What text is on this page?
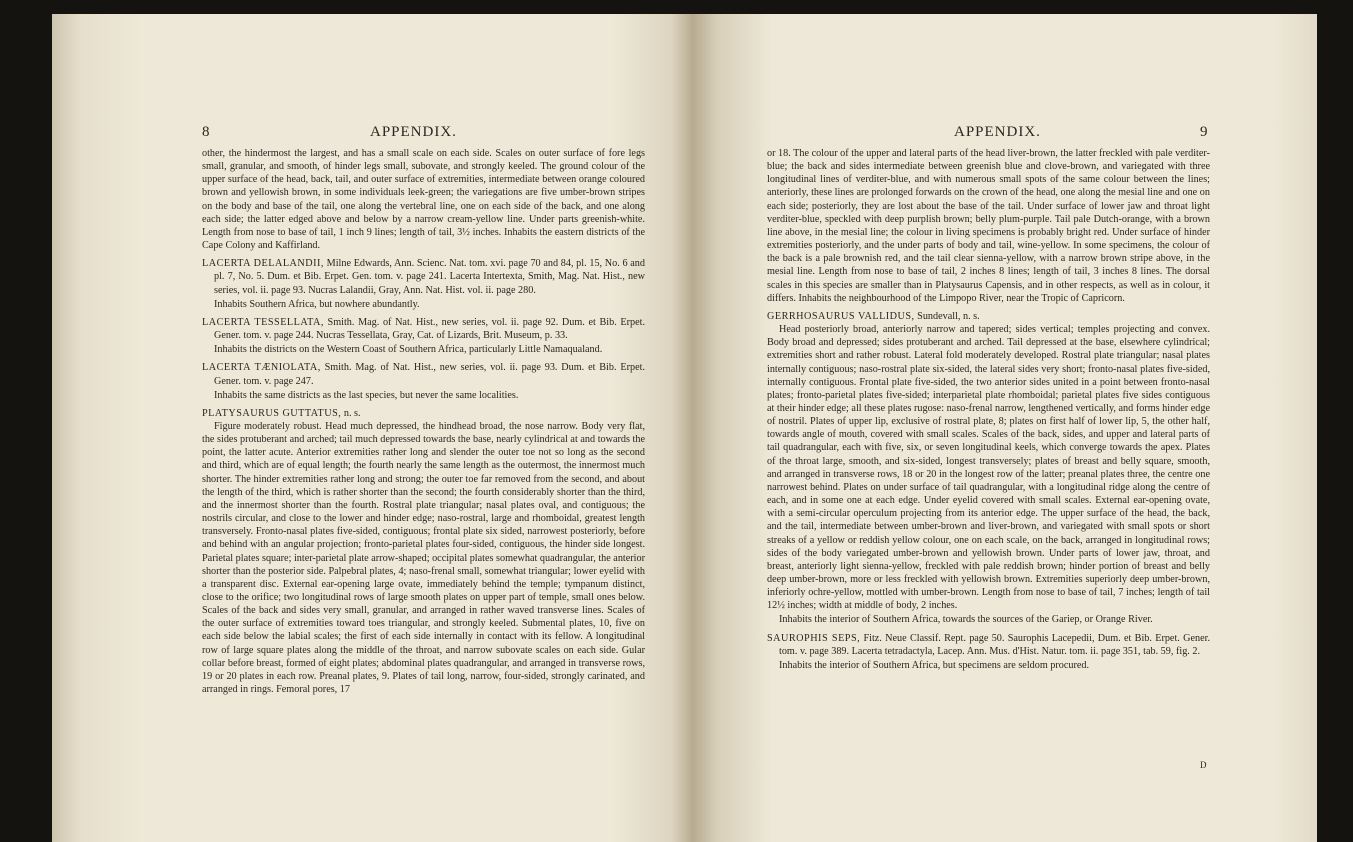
8	APPENDIX.

other, the hindermost the largest, and has a small scale on each side. Scales on outer surface of fore legs small, granular, and smooth, of hinder legs small, subovate, and strongly keeled. The ground colour of the upper surface of the head, back, tail, and outer surface of extremities, intermediate between orange coloured brown and yellowish brown, in some individuals leek-green; the variegations are five umber-brown stripes on the body and base of the tail, one along the vertebral line, one on each side of the back, and one along each side; the latter edged above and below by a narrow cream-yellow line. Under parts greenish-white. Length from nose to base of tail, 1 inch 9 lines; length of tail, 3½ inches. Inhabits the eastern districts of the Cape Colony and Kaffirland.

LACERTA DELALANDII, Milne Edwards, Ann. Scienc. Nat. tom. xvi. page 70 and 84, pl. 15, No. 6 and pl. 7, No. 5. Dum. et Bib. Erpet. Gen. tom. v. page 241. Lacerta Intertexta, Smith, Mag. Nat. Hist., new series, vol. ii. page 93. Nucras Lalandii, Gray, Ann. Nat. Hist. vol. ii. page 280.

Inhabits Southern Africa, but nowhere abundantly.

LACERTA TESSELLATA, Smith. Mag. of Nat. Hist., new series, vol. ii. page 92. Dum. et Bib. Erpet. Gener. tom. v. page 244. Nucras Tessellata, Gray, Cat. of Lizards, Brit. Museum, p. 33.

Inhabits the districts on the Western Coast of Southern Africa, particularly Little Namaqualand.

LACERTA TÆNIOLATA, Smith. Mag. of Nat. Hist., new series, vol. ii. page 93. Dum. et Bib. Erpet. Gener. tom. v. page 247.

Inhabits the same districts as the last species, but never the same localities.

PLATYSAURUS GUTTATUS, n. s.

Figure moderately robust. Head much depressed, the hindhead broad, the nose narrow. Body very flat, the sides protuberant and arched; tail much depressed towards the base, nearly cylindrical at and towards the point, the latter acute. Anterior extremities rather long and slender the outer toe not so long as the second and third, which are of equal length; the fourth nearly the same length as the outermost, the innermost much shorter. The hinder extremities rather long and strong; the outer toe far removed from the second, and about the length of the third, which is rather shorter than the second; the fourth considerably shorter than the third, and the innermost shorter than the fourth. Rostral plate triangular; nasal plates oval, and contiguous; the nostrils circular, and close to the lower and hinder edge; naso-rostral, large and rhomboidal, greatest length transversely. Fronto-nasal plates five-sided, contiguous; frontal plate six sided, narrowest posteriorly, before and behind with an angular projection; fronto-parietal plates four-sided, contiguous, the hinder side longest. Parietal plates square; inter-parietal plate arrow-shaped; occipital plates somewhat quadrangular, the anterior shorter than the posterior side. Palpebral plates, 4; naso-frenal small, somewhat triangular; lower eyelid with a transparent disc. External ear-opening large ovate, immediately behind the temple; tympanum distinct, close to the orifice; two longitudinal rows of large smooth plates on upper part of temple, small ones below. Scales of the back and sides very small, granular, and arranged in rather waved transverse lines. Scales of the outer surface of extremities toward toes triangular, and strongly keeled. Submental plates, 10, five on each side below the labial scales; the first of each side internally in contact with its fellow. A longitudinal row of large square plates along the middle of the throat, and narrow subovate scales on each side. Gular collar before breast, formed of eight plates; abdominal plates quadrangular, and arranged in transverse rows, 19 or 20 plates in each row. Preanal plates, 9. Plates of tail long, narrow, four-sided, strongly carinated, and arranged in rings. Femoral pores, 17

APPENDIX.	9

or 18. The colour of the upper and lateral parts of the head liver-brown, the latter freckled with pale verditer-blue; the back and sides intermediate between greenish blue and clove-brown, and variegated with three longitudinal lines of verditer-blue, and with numerous small spots of the same colour between the lines; anteriorly, these lines are prolonged forwards on the crown of the head, one along the mesial line and one on each side; posteriorly, they are lost about the base of the tail. Under surface of lower jaw and throat light verditer-blue, speckled with deep purplish brown; belly plum-purple. Tail pale Dutch-orange, with a brown line above, in the mesial line; the colour in living specimens is probably bright red. Under surface of hinder extremities posteriorly, and the under parts of body and tail, wine-yellow. In some specimens, the colour of the back is a pale brownish red, and the tail clear sienna-yellow, with a narrow brown stripe above, in the mesial line. Length from nose to base of tail, 2 inches 8 lines; length of tail, 3 inches 8 lines. The dorsal scales in this species are smaller than in Platysaurus Capensis, and in other respects, as well as in colour, it differs. Inhabits the neighbourhood of the Limpopo River, near the Tropic of Capricorn.

GERRHOSAURUS VALLIDUS, Sundevall, n. s.

Head posteriorly broad, anteriorly narrow and tapered; sides vertical; temples projecting and convex. Body broad and depressed; sides protuberant and arched. Tail depressed at the base, elsewhere cylindrical; extremities short and rather robust. Lateral fold moderately developed. Rostral plate triangular; nasal plates internally contiguous; naso-rostral plate six-sided, the lateral sides very short; fronto-nasal plates five-sided, internally contiguous. Frontal plate five-sided, the two anterior sides united in a point between fronto-nasal plates; fronto-parietal plates five-sided; interparietal plate rhomboidal; parietal plates five sides contiguous at their hinder edge; all these plates rugose: naso-frenal narrow, lengthened vertically, and forms hinder edge of nostril. Plates of upper lip, exclusive of rostral plate, 8; plates on first half of lower lip, 5, the other half, towards angle of mouth, covered with small scales. Scales of the back, sides, and upper and lateral parts of tail quadrangular, each with five, six, or seven longitudinal keels, which converge towards the apex. Plates of the throat large, smooth, and six-sided, longest transversely; plates of breast and belly square, smooth, and arranged in transverse rows, 18 or 20 in the longest row of the latter; preanal plates three, the centre one narrowest behind. Plates on under surface of tail quadrangular, with a longitudinal ridge along the centre of each, and in some one at each edge. Under eyelid covered with small scales. External ear-opening ovate, with a semi-circular operculum projecting from its anterior edge. The upper surface of the head, the back, and the tail, intermediate between umber-brown and liver-brown, and variegated with small spots or short streaks of a yellow or reddish yellow colour, one on each scale, on the back, arranged in longitudinal rows; sides of the body variegated umber-brown and yellowish brown. Under parts of lower jaw, throat, and breast, anteriorly light sienna-yellow, freckled with pale reddish brown; hinder portion of breast and belly deep umber-brown, more or less freckled with yellowish brown. Extremities superiorly deep umber-brown, inferiorly ochre-yellow, mottled with umber-brown. Length from nose to base of tail, 7 inches; length of tail 12½ inches; width at middle of body, 2 inches.

Inhabits the interior of Southern Africa, towards the sources of the Gariep, or Orange River.

SAUROPHIS SEPS, Fitz. Neue Classif. Rept. page 50. Saurophis Lacepedii, Dum. et Bib. Erpet. Gener. tom. v. page 389. Lacerta tetradactyla, Lacep. Ann. Mus. d'Hist. Natur. tom. ii. page 351, tab. 59, fig. 2.

Inhabits the interior of Southern Africa, but specimens are seldom procured.

D
